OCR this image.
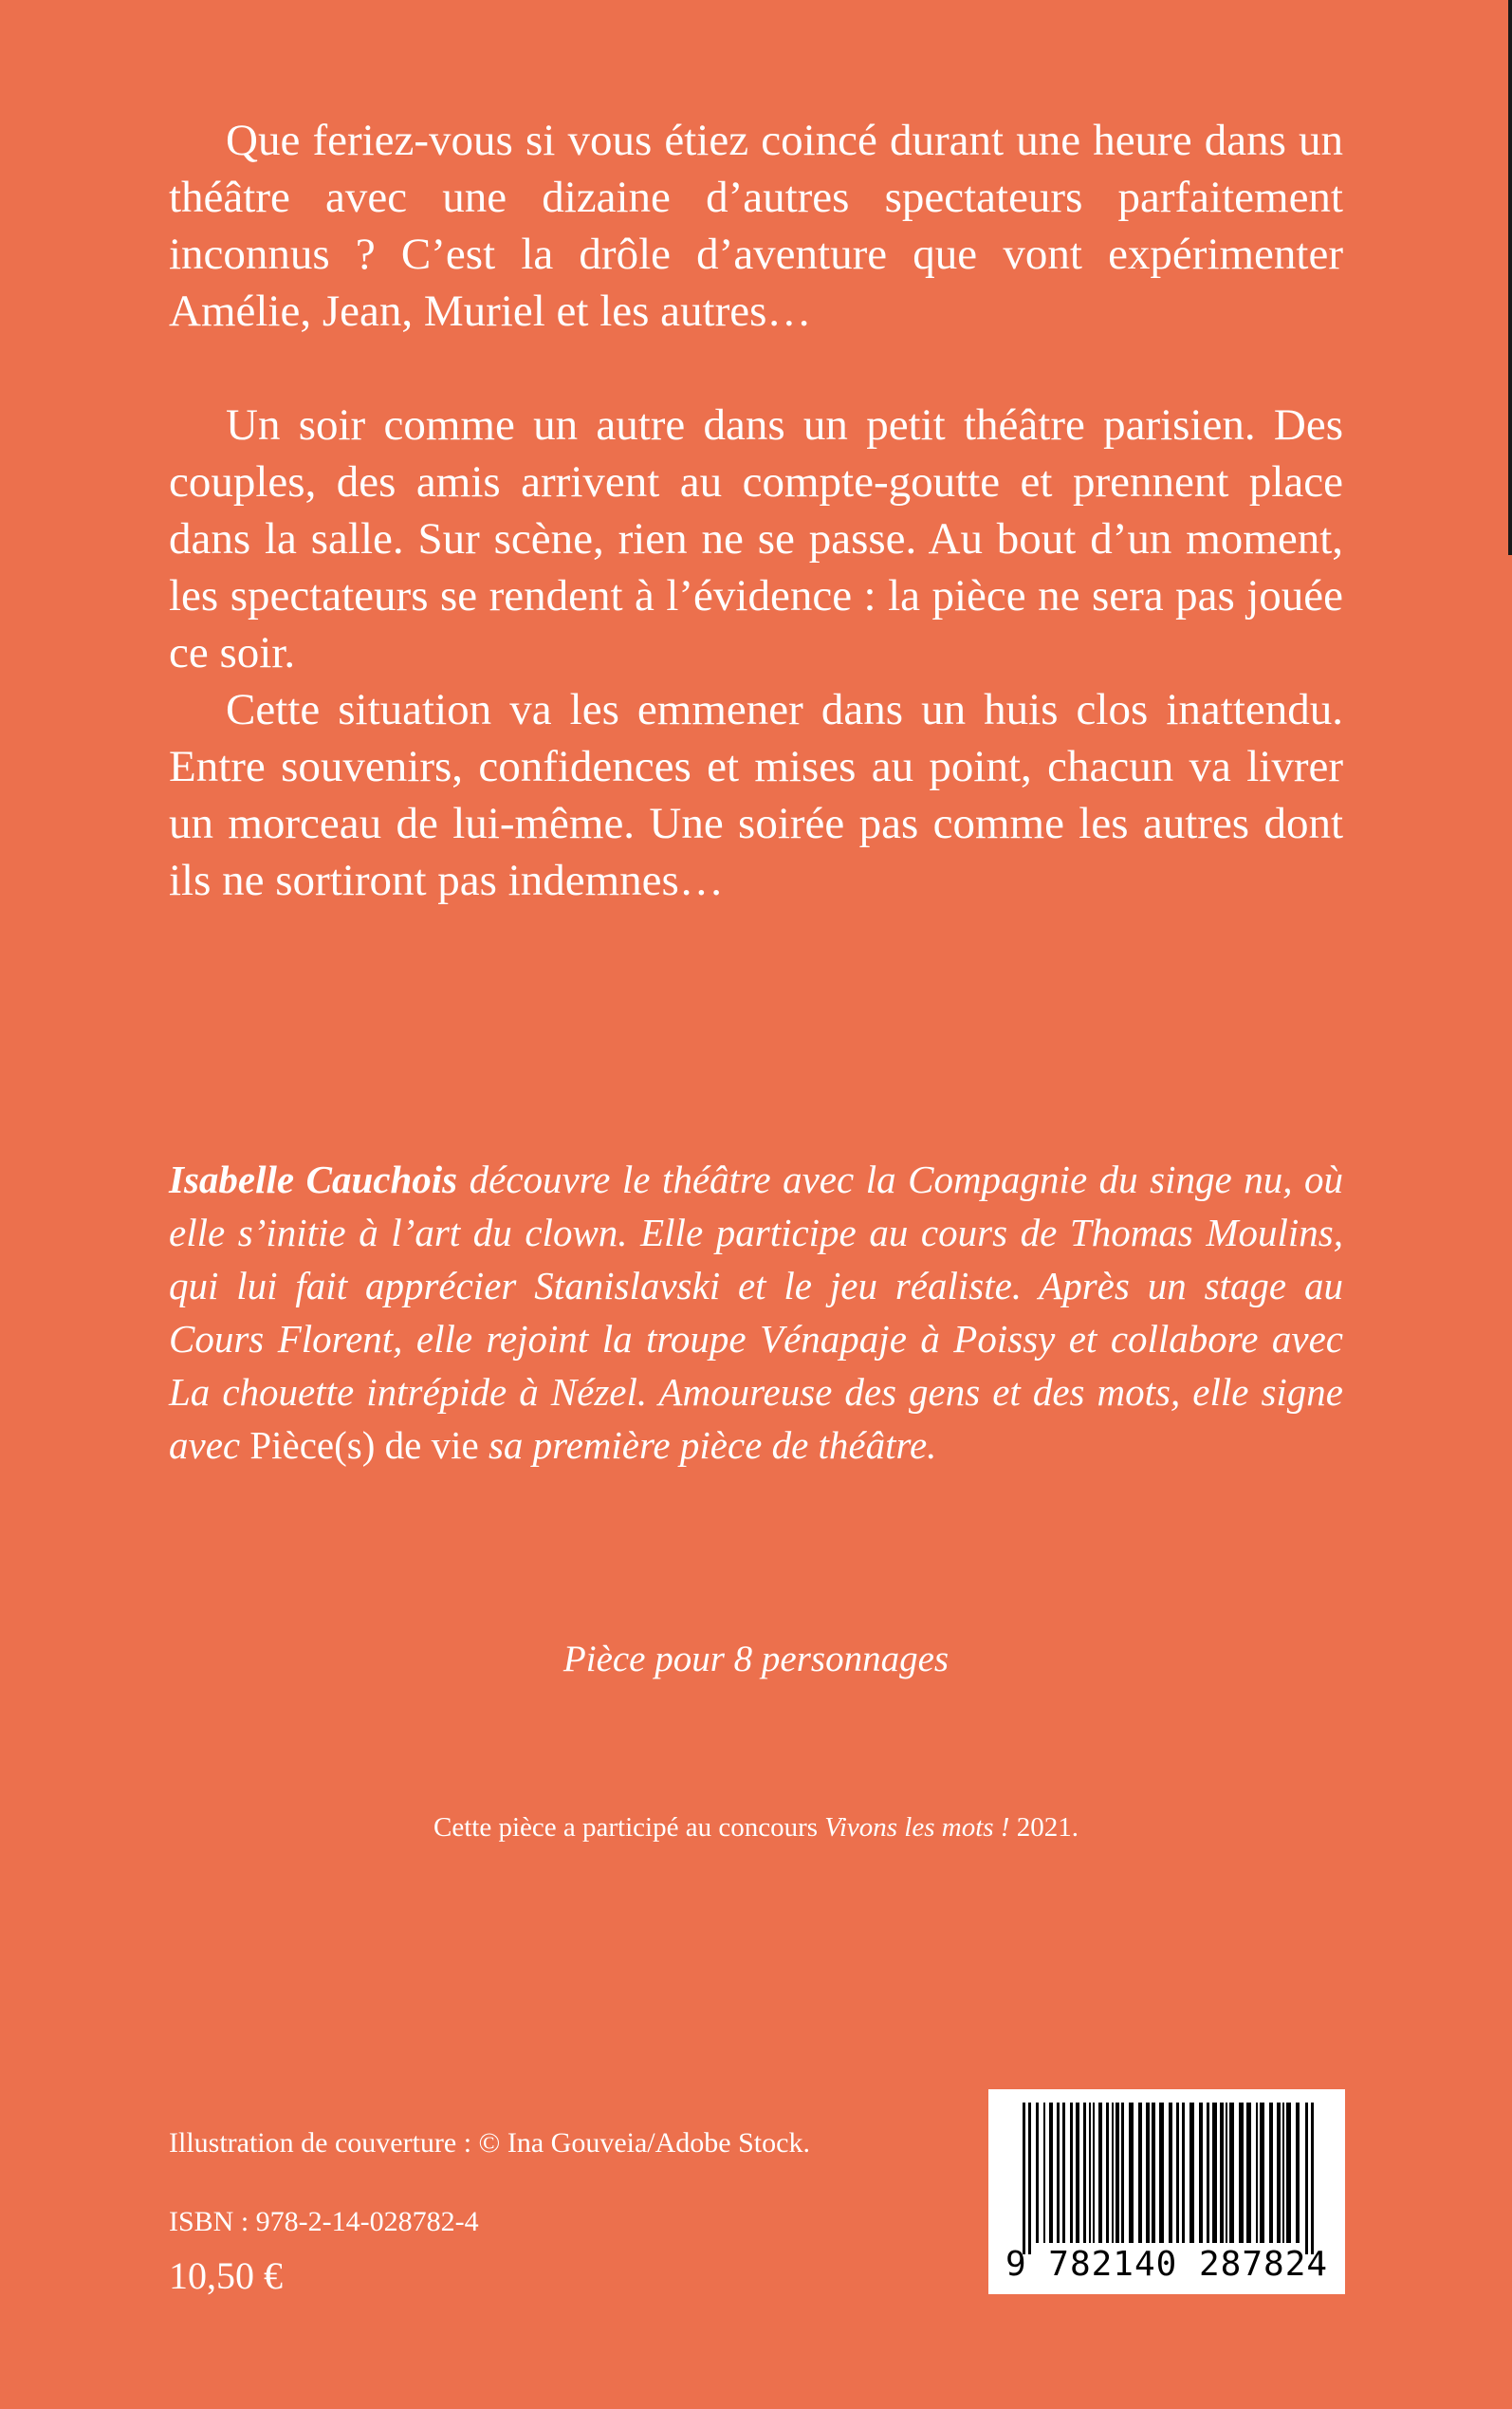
Que feriez-vous si vous étiez coincé durant une heure dans un théâtre avec une dizaine d’autres spectateurs parfaitement inconnus ? C’est la drôle d’aventure que vont expérimenter Amélie, Jean, Muriel et les autres…

Un soir comme un autre dans un petit théâtre parisien. Des couples, des amis arrivent au compte-goutte et prennent place dans la salle. Sur scène, rien ne se passe. Au bout d’un moment, les spectateurs se rendent à l’évidence : la pièce ne sera pas jouée ce soir.

Cette situation va les emmener dans un huis clos inattendu. Entre souvenirs, confidences et mises au point, chacun va livrer un morceau de lui-même. Une soirée pas comme les autres dont ils ne sortiront pas indemnes…

Isabelle Cauchois découvre le théâtre avec la Compagnie du singe nu, où elle s’initie à l’art du clown. Elle participe au cours de Thomas Moulins, qui lui fait apprécier Stanislavski et le jeu réaliste. Après un stage au Cours Florent, elle rejoint la troupe Vénapaje à Poissy et collabore avec La chouette intrépide à Nézel. Amoureuse des gens et des mots, elle signe avec Pièce(s) de vie sa première pièce de théâtre.

Pièce pour 8 personnages
Cette pièce a participé au concours Vivons les mots ! 2021.
Illustration de couverture : © Ina Gouveia/Adobe Stock.
ISBN : 978-2-14-028782-4
10,50 €	9 782140 287824
